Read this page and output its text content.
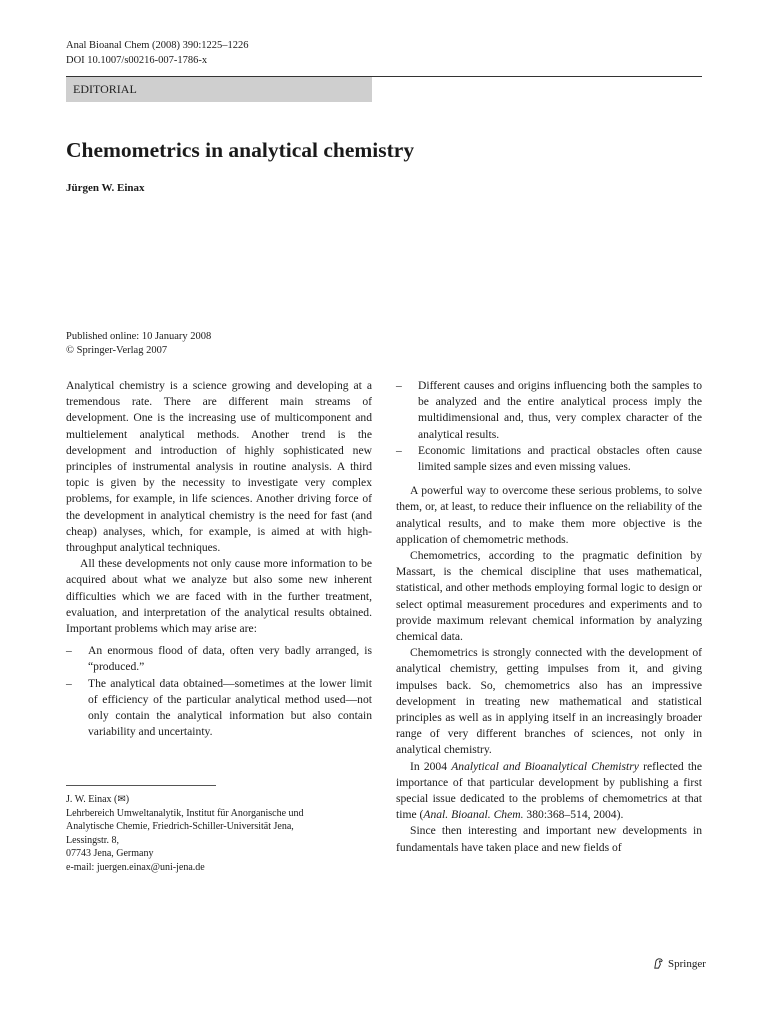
Anal Bioanal Chem (2008) 390:1225–1226
DOI 10.1007/s00216-007-1786-x
EDITORIAL
Chemometrics in analytical chemistry
Jürgen W. Einax
Published online: 10 January 2008
© Springer-Verlag 2007

Analytical chemistry is a science growing and developing at a tremendous rate. There are different main streams of development. One is the increasing use of multicomponent and multielement analytical methods. Another trend is the development and introduction of highly sophisticated new principles of instrumental analysis in routine analysis. A third topic is given by the necessity to investigate very complex problems, for example, in life sciences. Another driving force of the development in analytical chemistry is the need for fast (and cheap) analyses, which, for example, is aimed at with high-throughput analytical techniques.

All these developments not only cause more information to be acquired about what we analyze but also some new inherent difficulties which we are faced with in the further treatment, evaluation, and interpretation of the analytical results obtained. Important problems which may arise are:

– An enormous flood of data, often very badly arranged, is “produced.”
– The analytical data obtained—sometimes at the lower limit of efficiency of the particular analytical method used—not only contain the analytical information but also contain variability and uncertainty.
– Different causes and origins influencing both the samples to be analyzed and the entire analytical process imply the multidimensional and, thus, very complex character of the analytical results.
– Economic limitations and practical obstacles often cause limited sample sizes and even missing values.

A powerful way to overcome these serious problems, to solve them, or, at least, to reduce their influence on the reliability of the analytical results, and to make them more objective is the application of chemometric methods.

Chemometrics, according to the pragmatic definition by Massart, is the chemical discipline that uses mathematical, statistical, and other methods employing formal logic to design or select optimal measurement procedures and experiments and to provide maximum relevant chemical information by analyzing chemical data.

Chemometrics is strongly connected with the development of analytical chemistry, getting impulses from it, and giving impulses back. So, chemometrics also has an impressive development in treating new mathematical and statistical principles as well as in applying itself in an increasingly broader range of very different branches of sciences, not only in analytical chemistry.

In 2004 Analytical and Bioanalytical Chemistry reflected the importance of that particular development by publishing a first special issue dedicated to the problems of chemometrics at that time (Anal. Bioanal. Chem. 380:368–514, 2004).

Since then interesting and important new developments in fundamentals have taken place and new fields of

J. W. Einax (✉)
Lehrbereich Umweltanalytik, Institut für Anorganische und
Analytische Chemie, Friedrich-Schiller-Universität Jena,
Lessingstr. 8,
07743 Jena, Germany
e-mail: juergen.einax@uni-jena.de
Springer
